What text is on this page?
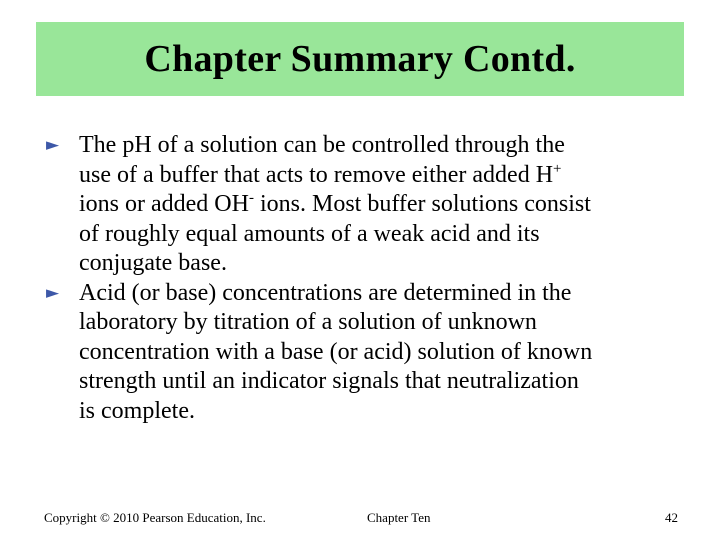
Chapter Summary Contd.
► The pH of a solution can be controlled through the
use of a buffer that acts to remove either added H+
ions or added OH- ions. Most buffer solutions consist
of roughly equal amounts of a weak acid and its
conjugate base.
► Acid (or base) concentrations are determined in the
laboratory by titration of a solution of unknown
concentration with a base (or acid) solution of known
strength until an indicator signals that neutralization
is complete.
Copyright © 2010 Pearson Education, Inc.	Chapter Ten	42
